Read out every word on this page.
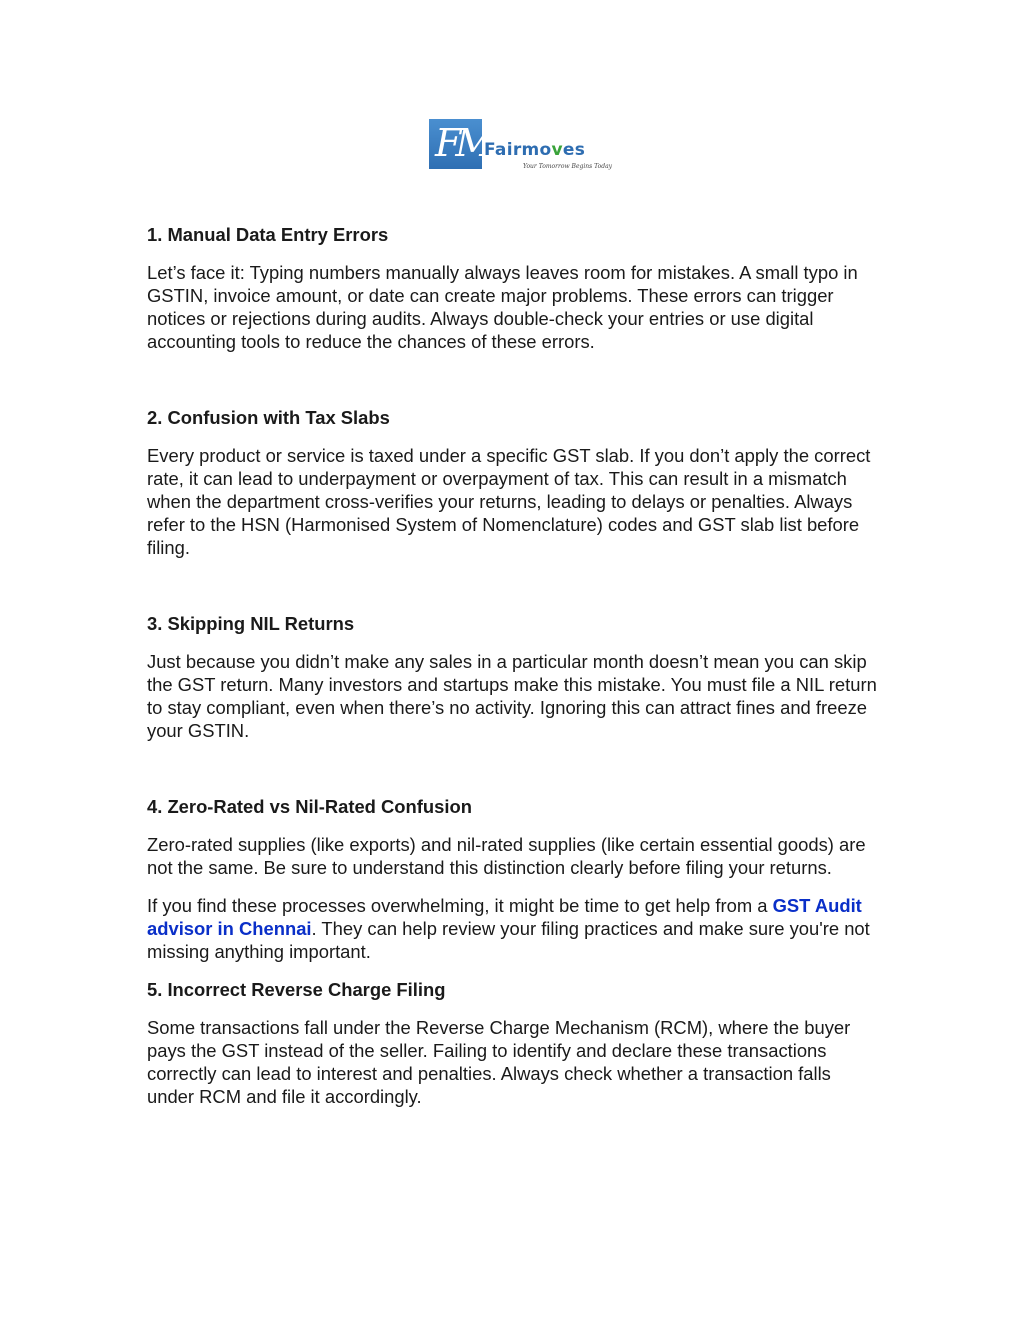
FM
Fairmoves
Your Tomorrow Begins Today
1. Manual Data Entry Errors

Let’s face it: Typing numbers manually always leaves room for mistakes. A small typo in GSTIN, invoice amount, or date can create major problems. These errors can trigger notices or rejections during audits. Always double-check your entries or use digital accounting tools to reduce the chances of these errors.

2. Confusion with Tax Slabs

Every product or service is taxed under a specific GST slab. If you don’t apply the correct rate, it can lead to underpayment or overpayment of tax. This can result in a mismatch when the department cross-verifies your returns, leading to delays or penalties. Always refer to the HSN (Harmonised System of Nomenclature) codes and GST slab list before filing.

3. Skipping NIL Returns

Just because you didn’t make any sales in a particular month doesn’t mean you can skip the GST return. Many investors and startups make this mistake. You must file a NIL return to stay compliant, even when there’s no activity. Ignoring this can attract fines and freeze your GSTIN.

4. Zero-Rated vs Nil-Rated Confusion

Zero-rated supplies (like exports) and nil-rated supplies (like certain essential goods) are not the same. Be sure to understand this distinction clearly before filing your returns.

If you find these processes overwhelming, it might be time to get help from a GST Audit advisor in Chennai. They can help review your filing practices and make sure you're not missing anything important.

5. Incorrect Reverse Charge Filing

Some transactions fall under the Reverse Charge Mechanism (RCM), where the buyer pays the GST instead of the seller. Failing to identify and declare these transactions correctly can lead to interest and penalties. Always check whether a transaction falls under RCM and file it accordingly.
